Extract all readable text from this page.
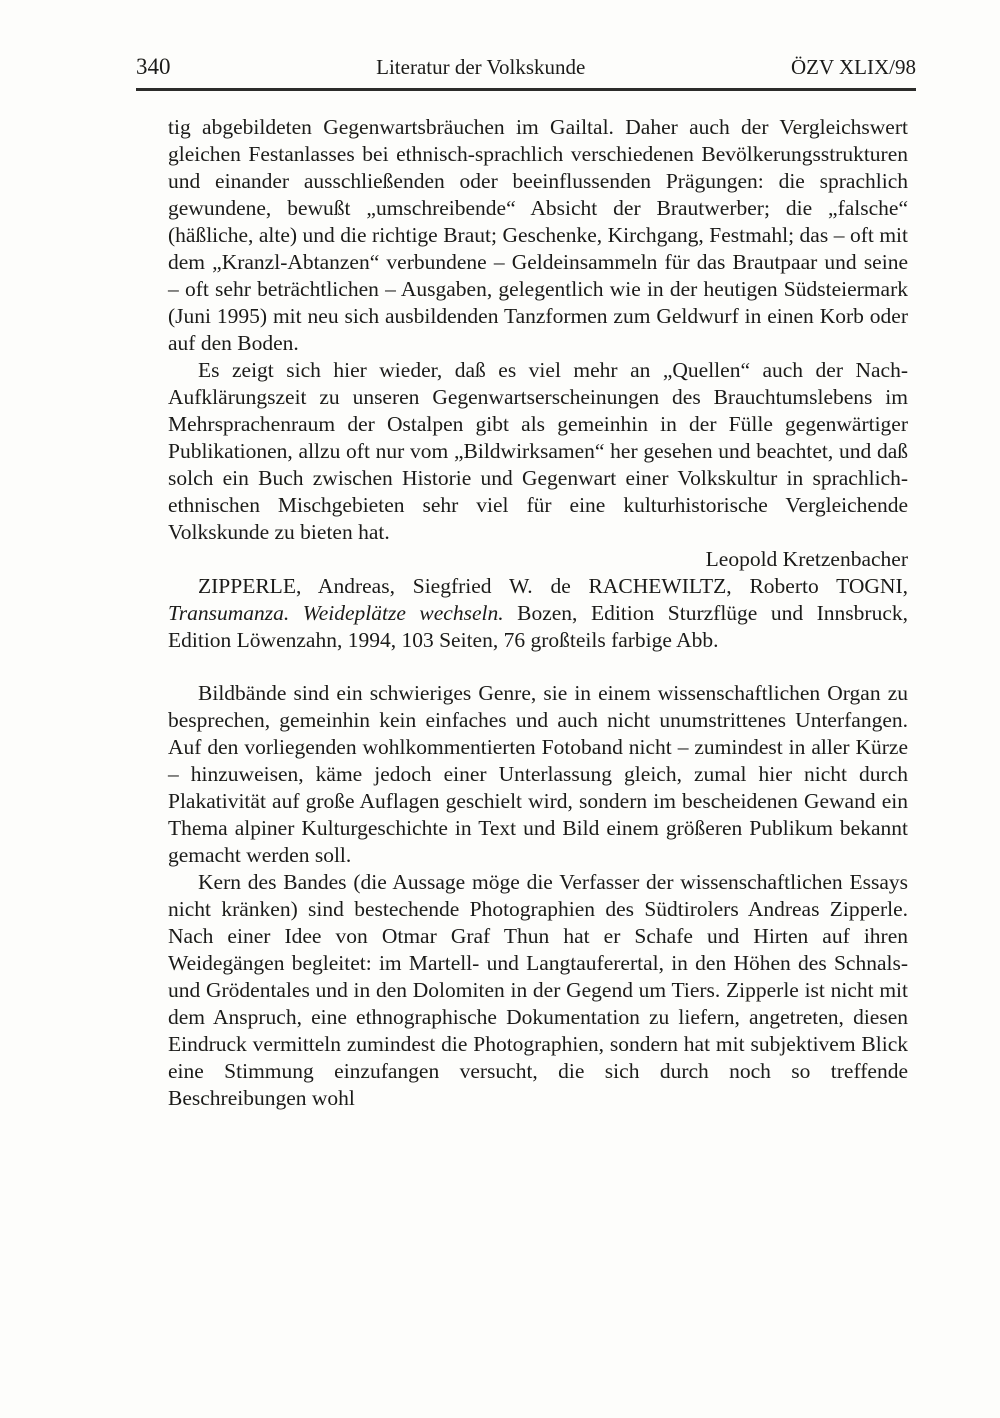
340	Literatur der Volkskunde	ÖZV XLIX/98

tig abgebildeten Gegenwartsbräuchen im Gailtal. Daher auch der Vergleichswert gleichen Festanlasses bei ethnisch-sprachlich verschiedenen Bevölkerungsstrukturen und einander ausschließenden oder beeinflussenden Prägungen: die sprachlich gewundene, bewußt „umschreibende“ Absicht der Brautwerber; die „falsche“ (häßliche, alte) und die richtige Braut; Geschenke, Kirchgang, Festmahl; das – oft mit dem „Kranzl-Abtanzen“ verbundene – Geldeinsammeln für das Brautpaar und seine – oft sehr beträchtlichen – Ausgaben, gelegentlich wie in der heutigen Südsteiermark (Juni 1995) mit neu sich ausbildenden Tanzformen zum Geldwurf in einen Korb oder auf den Boden.

Es zeigt sich hier wieder, daß es viel mehr an „Quellen“ auch der Nach-Aufklärungszeit zu unseren Gegenwartserscheinungen des Brauchtumslebens im Mehrsprachenraum der Ostalpen gibt als gemeinhin in der Fülle gegenwärtiger Publikationen, allzu oft nur vom „Bildwirksamen“ her gesehen und beachtet, und daß solch ein Buch zwischen Historie und Gegenwart einer Volkskultur in sprachlich-ethnischen Mischgebieten sehr viel für eine kulturhistorische Vergleichende Volkskunde zu bieten hat.

Leopold Kretzenbacher

ZIPPERLE, Andreas, Siegfried W. de RACHEWILTZ, Roberto TOGNI, Transumanza. Weideplätze wechseln. Bozen, Edition Sturzflüge und Innsbruck, Edition Löwenzahn, 1994, 103 Seiten, 76 großteils farbige Abb.

Bildbände sind ein schwieriges Genre, sie in einem wissenschaftlichen Organ zu besprechen, gemeinhin kein einfaches und auch nicht unumstrittenes Unterfangen. Auf den vorliegenden wohlkommentierten Fotoband nicht – zumindest in aller Kürze – hinzuweisen, käme jedoch einer Unterlassung gleich, zumal hier nicht durch Plakativität auf große Auflagen geschielt wird, sondern im bescheidenen Gewand ein Thema alpiner Kulturgeschichte in Text und Bild einem größeren Publikum bekannt gemacht werden soll.

Kern des Bandes (die Aussage möge die Verfasser der wissenschaftlichen Essays nicht kränken) sind bestechende Photographien des Südtirolers Andreas Zipperle. Nach einer Idee von Otmar Graf Thun hat er Schafe und Hirten auf ihren Weidegängen begleitet: im Martell- und Langtauferertal, in den Höhen des Schnals- und Grödentales und in den Dolomiten in der Gegend um Tiers. Zipperle ist nicht mit dem Anspruch, eine ethnographische Dokumentation zu liefern, angetreten, diesen Eindruck vermitteln zumindest die Photographien, sondern hat mit subjektivem Blick eine Stimmung einzufangen versucht, die sich durch noch so treffende Beschreibungen wohl
